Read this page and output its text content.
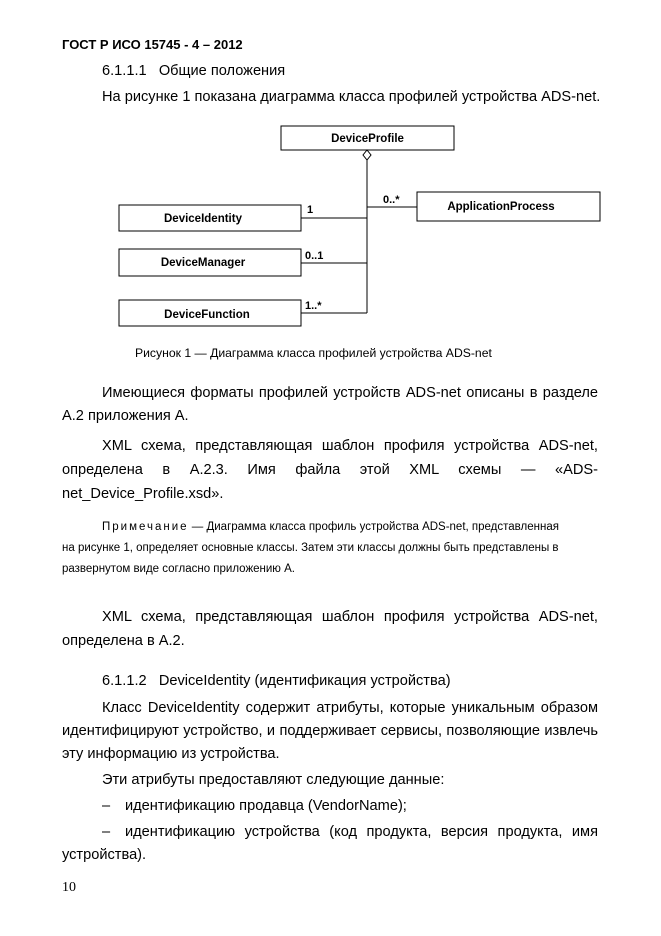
ГОСТ Р ИСО 15745 - 4 – 2012
6.1.1.1 Общие положения
На рисунке 1 показана диаграмма класса профилей устройства ADS-net.
DeviceProfile
ApplicationProcess
0..*
DeviceIdentity
1
DeviceManager
0..1
DeviceFunction
1..*
Рисунок 1 — Диаграмма класса профилей устройства ADS-net
Имеющиеся форматы профилей устройств ADS-net описаны в разделе
А.2 приложения А.
XML схема, представляющая шаблон профиля устройства ADS-net,
определена в А.2.3. Имя файла этой XML схемы — «ADS-
net_Device_Profile.xsd».
Примечание — Диаграмма класса профиль устройства ADS-net, представленная
на рисунке 1, определяет основные классы. Затем эти классы должны быть представлены в
развернутом виде согласно приложению А.
XML схема, представляющая шаблон профиля устройства ADS-net,
определена в А.2.
6.1.1.2 DeviceIdentity (идентификация устройства)
Класс DeviceIdentity содержит атрибуты, которые уникальным образом
идентифицируют устройство, и поддерживает сервисы, позволяющие извлечь
эту информацию из устройства.
Эти атрибуты предоставляют следующие данные:
– идентификацию продавца (VendorName);
– идентификацию устройства (код продукта, версия продукта, имя
устройства).
10
